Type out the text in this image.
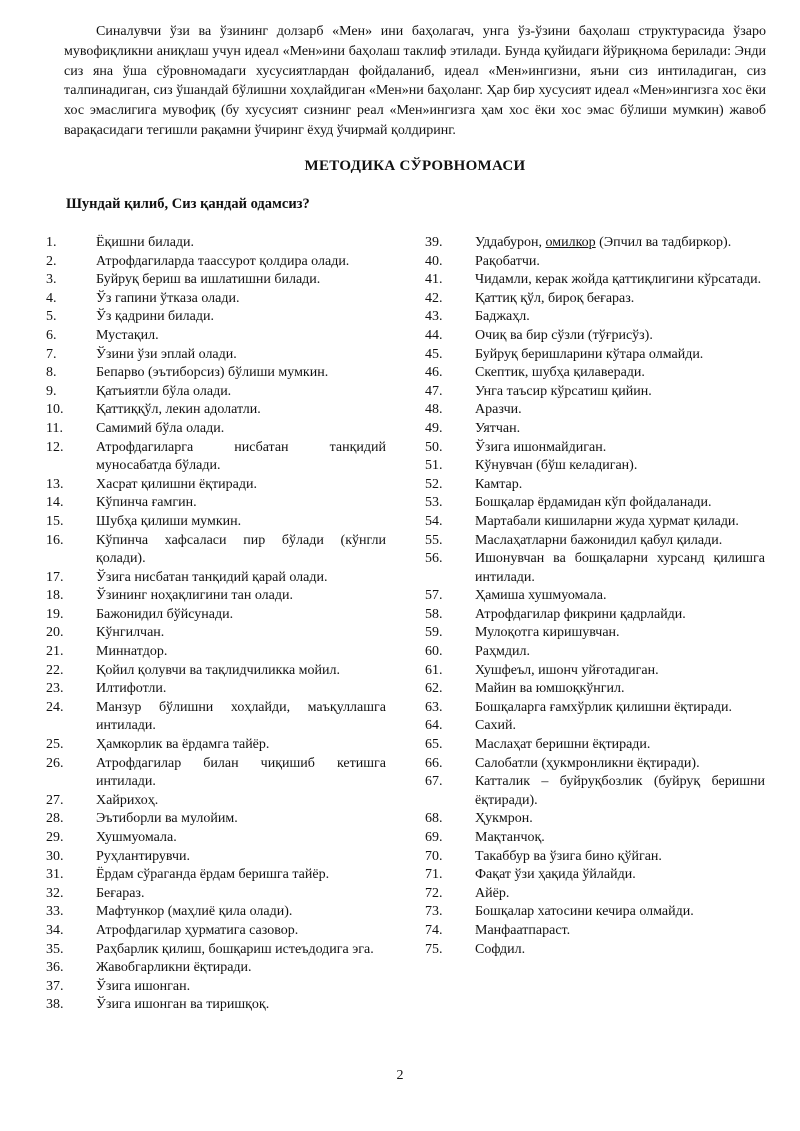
Синалувчи ўзи ва ўзининг долзарб «Мен» ини баҳолагач, унга ўз-ўзини баҳолаш структурасида ўзаро мувофиқликни аниқлаш учун идеал «Мен»ини баҳолаш таклиф этилади. Бунда қуйидаги йўриқнома берилади: Энди сиз яна ўша сўровномадаги хусусиятлардан фойдаланиб, идеал «Мен»ингизни, яъни сиз интиладиган, сиз талпинадиган, сиз ўшандай бўлишни хоҳлайдиган «Мен»ни баҳоланг. Ҳар бир хусусият идеал «Мен»ингизга хос ёки хос эмаслигига мувофиқ (бу хусусият сизнинг реал «Мен»ингизга ҳам хос ёки хос эмас бўлиши мумкин) жавоб варақасидаги тегишли рақамни ўчиринг ёхуд ўчирмай қолдиринг.

МЕТОДИКА СЎРОВНОМАСИ
Шундай қилиб, Сиз қандай одамсиз?
1.	Ёқишни билади.
2.	Атрофдагиларда таассурот қолдира олади.
3.	Буйруқ бериш ва ишлатишни билади.
4.	Ўз гапини ўтказа олади.
5.	Ўз қадрини билади.
6.	Мустақил.
7.	Ўзини ўзи эплай олади.
8.	Бепарво (эътиборсиз) бўлиши мумкин.
9.	Қатъиятли бўла олади.
10.	Қаттиққўл, лекин адолатли.
11.	Самимий бўла олади.
12.	Атрофдагиларга нисбатан танқидий муносабатда бўлади.
13.	Хасрат қилишни ёқтиради.
14.	Кўпинча ғамгин.
15.	Шубҳа қилиши мумкин.
16.	Кўпинча хафсаласи пир бўлади (кўнгли қолади).
17.	Ўзига нисбатан танқидий қарай олади.
18.	Ўзининг ноҳақлигини тан олади.
19.	Бажонидил бўйсунади.
20.	Кўнгилчан.
21.	Миннатдор.
22.	Қойил қолувчи ва тақлидчиликка мойил.
23.	Илтифотли.
24.	Манзур бўлишни хоҳлайди, маъқуллашга интилади.
25.	Ҳамкорлик ва ёрдамга тайёр.
26.	Атрофдагилар билан чиқишиб кетишга интилади.
27.	Хайрихоҳ.
28.	Эътиборли ва мулойим.
29.	Хушмуомала.
30.	Руҳлантирувчи.
31.	Ёрдам сўраганда ёрдам беришга тайёр.
32.	Беғараз.
33.	Мафтункор (маҳлиё қила олади).
34.	Атрофдагилар ҳурматига сазовор.
35.	Раҳбарлик қилиш, бошқариш истеъдодига эга.
36.	Жавобгарликни ёқтиради.
37.	Ўзига ишонган.
38.	Ўзига ишонган ва тиришқоқ.
39.	Уддабурон, омилкор (Эпчил ва тадбиркор).
40.	Рақобатчи.
41.	Чидамли, керак жойда қаттиқлигини кўрсатади.
42.	Қаттиқ қўл, бироқ беғараз.
43.	Баджаҳл.
44.	Очиқ ва бир сўзли (тўғрисўз).
45.	Буйруқ беришларини кўтара олмайди.
46.	Скептик, шубҳа қилаверади.
47.	Унга таъсир кўрсатиш қийин.
48.	Аразчи.
49.	Уятчан.
50.	Ўзига ишонмайдиган.
51.	Кўнувчан (бўш келадиган).
52.	Камтар.
53.	Бошқалар ёрдамидан кўп фойдаланади.
54.	Мартабали кишиларни жуда ҳурмат қилади.
55.	Маслаҳатларни бажонидил қабул қилади.
56.	Ишонувчан ва бошқаларни хурсанд қилишга интилади.
57.	Ҳамиша хушмуомала.
58.	Атрофдагилар фикрини қадрлайди.
59.	Мулоқотга киришувчан.
60.	Раҳмдил.
61.	Хушфеъл, ишонч уйғотадиган.
62.	Майин ва юмшоқкўнгил.
63.	Бошқаларга ғамхўрлик қилишни ёқтиради.
64.	Сахий.
65.	Маслаҳат беришни ёқтиради.
66.	Салобатли (ҳукмронликни ёқтиради).
67.	Катталик – буйруқбозлик (буйруқ беришни ёқтиради).
68.	Ҳукмрон.
69.	Мақтанчоқ.
70.	Такаббур ва ўзига бино қўйган.
71.	Фақат ўзи ҳақида ўйлайди.
72.	Айёр.
73.	Бошқалар хатосини кечира олмайди.
74.	Манфаатпараст.
75.	Софдил.
2
